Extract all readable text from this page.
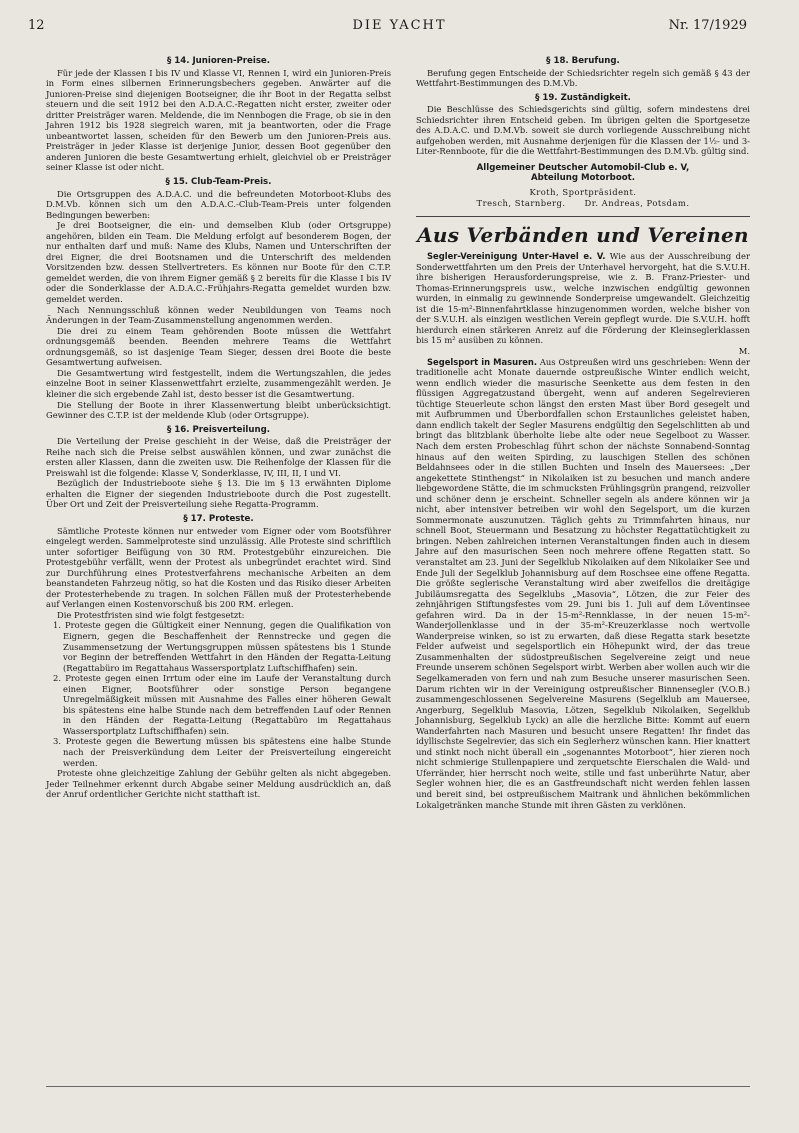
12	DIE YACHT	Nr. 17/1929
§ 14. Junioren-Preise.

Für jede der Klassen I bis IV und Klasse VI, Rennen I, wird ein Junioren-Preis in Form eines silbernen Erinnerungsbechers gegeben. Anwärter auf die Junioren-Preise sind diejenigen Bootseigner, die ihr Boot in der Regatta selbst steuern und die seit 1912 bei den A.D.A.C.-Regatten nicht erster, zweiter oder dritter Preisträger waren. Meldende, die im Nennbogen die Frage, ob sie in den Jahren 1912 bis 1928 siegreich waren, mit ja beantworten, oder die Frage unbeantwortet lassen, scheiden für den Bewerb um den Junioren-Preis aus. Preisträger in jeder Klasse ist derjenige Junior, dessen Boot gegenüber den anderen Junioren die beste Gesamtwertung erhielt, gleichviel ob er Preisträger seiner Klasse ist oder nicht.

§ 15. Club-Team-Preis.

Die Ortsgruppen des A.D.A.C. und die befreundeten Motorboot-Klubs des D.M.Vb. können sich um den A.D.A.C.-Club-Team-Preis unter folgenden Bedingungen bewerben:

Je drei Bootseigner, die ein- und demselben Klub (oder Ortsgruppe) angehören, bilden ein Team. Die Meldung erfolgt auf besonderem Bogen, der nur enthalten darf und muß: Name des Klubs, Namen und Unterschriften der drei Eigner, die drei Bootsnamen und die Unterschrift des meldenden Vorsitzenden bzw. dessen Stellvertreters. Es können nur Boote für den C.T.P. gemeldet werden, die von ihrem Eigner gemäß § 2 bereits für die Klasse I bis IV oder die Sonderklasse der A.D.A.C.-Frühjahrs-Regatta gemeldet wurden bzw. gemeldet werden.

Nach Nennungsschluß können weder Neubildungen von Teams noch Änderungen in der Team-Zusammenstellung angenommen werden.

Die drei zu einem Team gehörenden Boote müssen die Wettfahrt ordnungsgemäß beenden. Beenden mehrere Teams die Wettfahrt ordnungsgemäß, so ist dasjenige Team Sieger, dessen drei Boote die beste Gesamtwertung aufweisen.

Die Gesamtwertung wird festgestellt, indem die Wertungszahlen, die jedes einzelne Boot in seiner Klassenwettfahrt erzielte, zusammengezählt werden. Je kleiner die sich ergebende Zahl ist, desto besser ist die Gesamtwertung.

Die Stellung der Boote in ihrer Klassenwertung bleibt unberücksichtigt. Gewinner des C.T.P. ist der meldende Klub (oder Ortsgruppe).

§ 16. Preisverteilung.

Die Verteilung der Preise geschieht in der Weise, daß die Preisträger der Reihe nach sich die Preise selbst auswählen können, und zwar zunächst die ersten aller Klassen, dann die zweiten usw. Die Reihenfolge der Klassen für die Preiswahl ist die folgende: Klasse V, Sonderklasse, IV, III, II, I und VI.

Bezüglich der Industrieboote siehe § 13. Die im § 13 erwähnten Diplome erhalten die Eigner der siegenden Industrieboote durch die Post zugestellt. Über Ort und Zeit der Preisverteilung siehe Regatta-Programm.

§ 17. Proteste.

Sämtliche Proteste können nur entweder vom Eigner oder vom Bootsführer eingelegt werden. Sammelproteste sind unzulässig. Alle Proteste sind schriftlich unter sofortiger Beifügung von 30 RM. Protestgebühr einzureichen. Die Protestgebühr verfällt, wenn der Protest als unbegründet erachtet wird. Sind zur Durchführung eines Protestverfahrens mechanische Arbeiten an dem beanstandeten Fahrzeug nötig, so hat die Kosten und das Risiko dieser Arbeiten der Protesterhebende zu tragen. In solchen Fällen muß der Protesterhebende auf Verlangen einen Kostenvorschuß bis 200 RM. erlegen.

Die Protestfristen sind wie folgt festgesetzt:

1. Proteste gegen die Gültigkeit einer Nennung, gegen die Qualifikation von Eignern, gegen die Beschaffenheit der Rennstrecke und gegen die Zusammensetzung der Wertungsgruppen müssen spätestens bis 1 Stunde vor Beginn der betreffenden Wettfahrt in den Händen der Regatta-Leitung (Regattabüro im Regattahaus Wassersportplatz Luftschiffhafen) sein.
2. Proteste gegen einen Irrtum oder eine im Laufe der Veranstaltung durch einen Eigner, Bootsführer oder sonstige Person begangene Unregelmäßigkeit müssen mit Ausnahme des Falles einer höheren Gewalt bis spätestens eine halbe Stunde nach dem betreffenden Lauf oder Rennen in den Händen der Regatta-Leitung (Regattabüro im Regattahaus Wassersportplatz Luftschiffhafen) sein.
3. Proteste gegen die Bewertung müssen bis spätestens eine halbe Stunde nach der Preisverkündung dem Leiter der Preisverteilung eingereicht werden.

Proteste ohne gleichzeitige Zahlung der Gebühr gelten als nicht abgegeben. Jeder Teilnehmer erkennt durch Abgabe seiner Meldung ausdrücklich an, daß der Anruf ordentlicher Gerichte nicht statthaft ist.

§ 18. Berufung.

Berufung gegen Entscheide der Schiedsrichter regeln sich gemäß § 43 der Wettfahrt-Bestimmungen des D.M.Vb.

§ 19. Zuständigkeit.

Die Beschlüsse des Schiedsgerichts sind gültig, sofern mindestens drei Schiedsrichter ihren Entscheid geben. Im übrigen gelten die Sportgesetze des A.D.A.C. und D.M.Vb. soweit sie durch vorliegende Ausschreibung nicht aufgehoben werden, mit Ausnahme derjenigen für die Klassen der 1½- und 3-Liter-Rennboote, für die die Wettfahrt-Bestimmungen des D.M.Vb. gültig sind.

Allgemeiner Deutscher Automobil-Club e. V,
Abteilung Motorboot.
Kroth, Sportpräsident.
Tresch, Starnberg.      Dr. Andreas, Potsdam.
Aus Verbänden und Vereinen

Segler-Vereinigung Unter-Havel e. V. Wie aus der Ausschreibung der Sonderwettfahrten um den Preis der Unterhavel hervorgeht, hat die S.V.U.H. ihre bisherigen Herausforderungspreise, wie z. B. Franz-Priester- und Thomas-Erinnerungspreis usw., welche inzwischen endgültig gewonnen wurden, in einmalig zu gewinnende Sonderpreise umgewandelt. Gleichzeitig ist die 15-m²-Binnenfahrtklasse hinzugenommen worden, welche bisher von der S.V.U.H. als einzigen westlichen Verein gepflegt wurde. Die S.V.U.H. hofft hierdurch einen stärkeren Anreiz auf die Förderung der Kleinseglerklassen bis 15 m² ausüben zu können.

M.

Segelsport in Masuren. Aus Ostpreußen wird uns geschrieben: Wenn der traditionelle acht Monate dauernde ostpreußische Winter endlich weicht, wenn endlich wieder die masurische Seenkette aus dem festen in den flüssigen Aggregatzustand übergeht, wenn auf anderen Segelrevieren tüchtige Steuerleute schon längst den ersten Mast über Bord gesegelt und mit Aufbrummen und Überbordfallen schon Erstaunliches geleistet haben, dann endlich takelt der Segler Masurens endgültig den Segelschlitten ab und bringt das blitzblank überholte liebe alte oder neue Segelboot zu Wasser. Nach dem ersten Probeschlag führt schon der nächste Sonnabend-Sonntag hinaus auf den weiten Spirding, zu lauschigen Stellen des schönen Beldahnsees oder in die stillen Buchten und Inseln des Mauersees: „Der angekettete Stinthengst“ in Nikolaiken ist zu besuchen und manch andere liebgewordene Stätte, die im schmucksten Frühlingsgrün prangend, reizvoller und schöner denn je erscheint. Schneller segeln als andere können wir ja nicht, aber intensiver betreiben wir wohl den Segelsport, um die kurzen Sommermonate auszunutzen. Täglich gehts zu Trimmfahrten hinaus, nur schnell Boot, Steuermann und Besatzung zu höchster Regattatüchtigkeit zu bringen. Neben zahlreichen internen Veranstaltungen finden auch in diesem Jahre auf den masurischen Seen noch mehrere offene Regatten statt. So veranstaltet am 23. Juni der Segelklub Nikolaiken auf dem Nikolaiker See und Ende Juli der Segelklub Johannisburg auf dem Roschsee eine offene Regatta. Die größte seglerische Veranstaltung wird aber zweifellos die dreitägige Jubiläumsregatta des Segelklubs „Masovia“, Lötzen, die zur Feier des zehnjährigen Stiftungsfestes vom 29. Juni bis 1. Juli auf dem Löventinsee gefahren wird. Da in der 15-m²-Rennklasse, in der neuen 15-m²-Wanderjollenklasse und in der 35-m²-Kreuzerklasse noch wertvolle Wanderpreise winken, so ist zu erwarten, daß diese Regatta stark besetzte Felder aufweist und segelsportlich ein Höhepunkt wird, der das treue Zusammenhalten der südostpreußischen Segelvereine zeigt und neue Freunde unserem schönen Segelsport wirbt. Werben aber wollen auch wir die Segelkameraden von fern und nah zum Besuche unserer masurischen Seen. Darum richten wir in der Vereinigung ostpreußischer Binnensegler (V.O.B.) zusammengeschlossenen Segelvereine Masurens (Segelklub am Mauersee, Angerburg, Segelklub Masovia, Lötzen, Segelklub Nikolaiken, Segelklub Johannisburg, Segelklub Lyck) an alle die herzliche Bitte: Kommt auf euern Wanderfahrten nach Masuren und besucht unsere Regatten! Ihr findet das idyllischste Segelrevier, das sich ein Seglerherz wünschen kann. Hier knattert und stinkt noch nicht überall ein „sogenanntes Motorboot“, hier zieren noch nicht schmierige Stullenpapiere und zerquetschte Eierschalen die Wald- und Uferränder, hier herrscht noch weite, stille und fast unberührte Natur, aber Segler wohnen hier, die es an Gastfreundschaft nicht werden fehlen lassen und bereit sind, bei ostpreußischem Maitrank und ähnlichen bekömmlichen Lokalgetränken manche Stunde mit ihren Gästen zu verklönen.
